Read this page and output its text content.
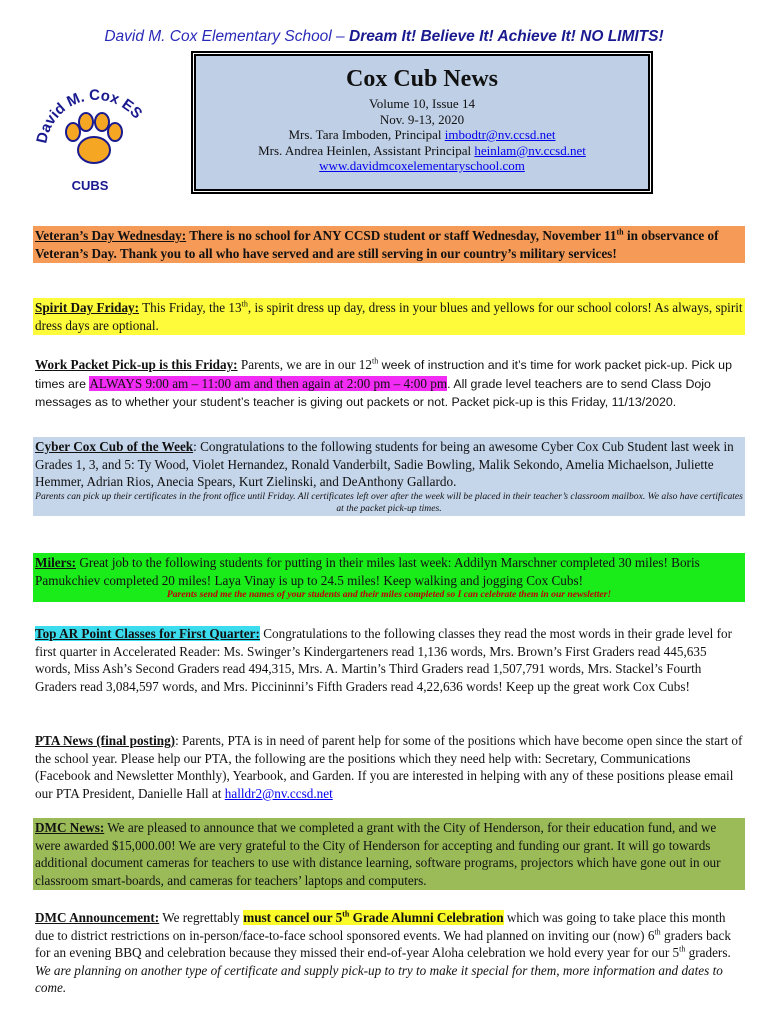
David M. Cox Elementary School – Dream It! Believe It! Achieve It! NO LIMITS!
David M. Cox ES
CUBS
Cox Cub News
Volume 10, Issue 14
Nov. 9-13, 2020
Mrs. Tara Imboden, Principal imbodtr@nv.ccsd.net
Mrs. Andrea Heinlen, Assistant Principal heinlam@nv.ccsd.net
www.davidmcoxelementaryschool.com
Veteran’s Day Wednesday: There is no school for ANY CCSD student or staff Wednesday, November 11th in observance of Veteran’s Day. Thank you to all who have served and are still serving in our country’s military services!
Spirit Day Friday: This Friday, the 13th, is spirit dress up day, dress in your blues and yellows for our school colors! As always, spirit dress days are optional.
Work Packet Pick-up is this Friday: Parents, we are in our 12th week of instruction and it’s time for work packet pick-up. Pick up times are ALWAYS 9:00 am – 11:00 am and then again at 2:00 pm – 4:00 pm. All grade level teachers are to send Class Dojo messages as to whether your student’s teacher is giving out packets or not. Packet pick-up is this Friday, 11/13/2020.
Cyber Cox Cub of the Week: Congratulations to the following students for being an awesome Cyber Cox Cub Student last week in Grades 1, 3, and 5: Ty Wood, Violet Hernandez, Ronald Vanderbilt, Sadie Bowling, Malik Sekondo, Amelia Michaelson, Juliette Hemmer, Adrian Rios, Anecia Spears, Kurt Zielinski, and DeAnthony Gallardo.
Parents can pick up their certificates in the front office until Friday. All certificates left over after the week will be placed in their teacher’s classroom mailbox. We also have certificates at the packet pick-up times.
Milers: Great job to the following students for putting in their miles last week: Addilyn Marschner completed 30 miles! Boris Pamukchiev completed 20 miles! Laya Vinay is up to 24.5 miles! Keep walking and jogging Cox Cubs!
Parents send me the names of your students and their miles completed so I can celebrate them in our newsletter!
Top AR Point Classes for First Quarter: Congratulations to the following classes they read the most words in their grade level for first quarter in Accelerated Reader: Ms. Swinger’s Kindergarteners read 1,136 words, Mrs. Brown’s First Graders read 445,635 words, Miss Ash’s Second Graders read 494,315, Mrs. A. Martin’s Third Graders read 1,507,791 words, Mrs. Stackel’s Fourth Graders read 3,084,597 words, and Mrs. Piccininni’s Fifth Graders read 4,22,636 words! Keep up the great work Cox Cubs!
PTA News (final posting): Parents, PTA is in need of parent help for some of the positions which have become open since the start of the school year. Please help our PTA, the following are the positions which they need help with: Secretary, Communications (Facebook and Newsletter Monthly), Yearbook, and Garden. If you are interested in helping with any of these positions please email our PTA President, Danielle Hall at halldr2@nv.ccsd.net
DMC News: We are pleased to announce that we completed a grant with the City of Henderson, for their education fund, and we were awarded $15,000.00! We are very grateful to the City of Henderson for accepting and funding our grant. It will go towards additional document cameras for teachers to use with distance learning, software programs, projectors which have gone out in our classroom smart-boards, and cameras for teachers’ laptops and computers.
DMC Announcement: We regrettably must cancel our 5th Grade Alumni Celebration which was going to take place this month due to district restrictions on in-person/face-to-face school sponsored events. We had planned on inviting our (now) 6th graders back for an evening BBQ and celebration because they missed their end-of-year Aloha celebration we hold every year for our 5th graders. We are planning on another type of certificate and supply pick-up to try to make it special for them, more information and dates to come.
